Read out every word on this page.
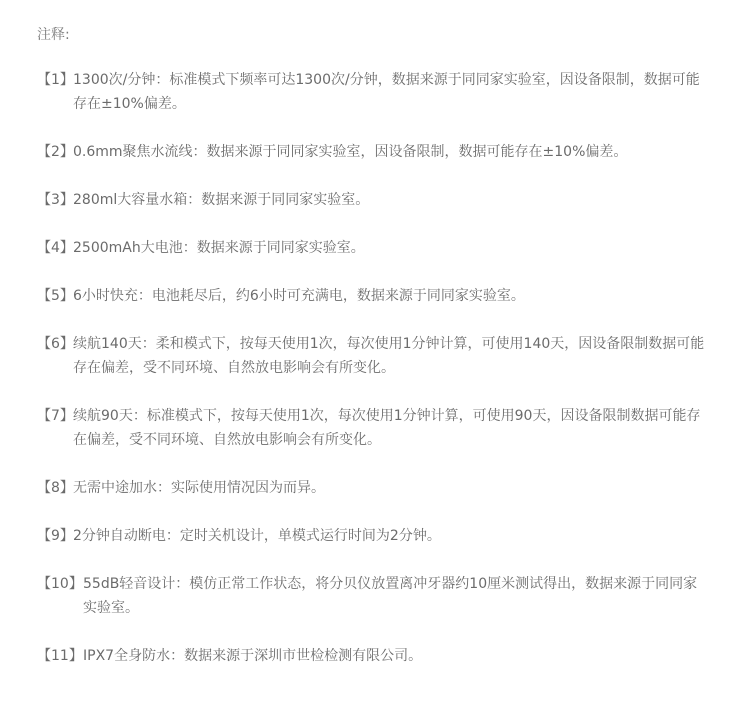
注释:
【1】 1300次/分钟：标准模式下频率可达1300次/分钟，数据来源于同同家实验室，因设备限制，数据可能存在±10%偏差。
【2】 0.6mm聚焦水流线：数据来源于同同家实验室，因设备限制，数据可能存在±10%偏差。
【3】 280ml大容量水箱：数据来源于同同家实验室。
【4】 2500mAh大电池：数据来源于同同家实验室。
【5】 6小时快充：电池耗尽后，约6小时可充满电，数据来源于同同家实验室。
【6】 续航140天：柔和模式下，按每天使用1次，每次使用1分钟计算，可使用140天，因设备限制数据可能存在偏差，受不同环境、自然放电影响会有所变化。
【7】 续航90天：标准模式下，按每天使用1次，每次使用1分钟计算，可使用90天，因设备限制数据可能存在偏差，受不同环境、自然放电影响会有所变化。
【8】 无需中途加水：实际使用情况因为而异。
【9】 2分钟自动断电：定时关机设计，单模式运行时间为2分钟。
【10】 55dB轻音设计：模仿正常工作状态，将分贝仪放置离冲牙器约10厘米测试得出，数据来源于同同家实验室。
【11】 IPX7全身防水：数据来源于深圳市世检检测有限公司。
